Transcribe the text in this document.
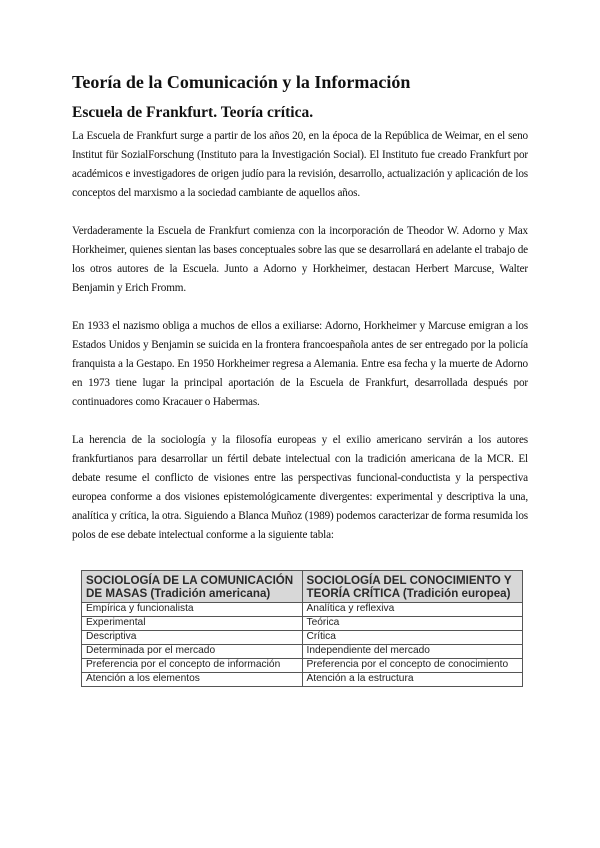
Teoría de la Comunicación y la Información
Escuela de Frankfurt. Teoría crítica.

La Escuela de Frankfurt surge a partir de los años 20, en la época de la República de Weimar, en el seno Institut für SozialForschung (Instituto para la Investigación Social). El Instituto fue creado Frankfurt por académicos e investigadores de origen judío para la revisión, desarrollo, actualización y aplicación de los conceptos del marxismo a la sociedad cambiante de aquellos años.

Verdaderamente la Escuela de Frankfurt comienza con la incorporación de Theodor W. Adorno y Max Horkheimer, quienes sientan las bases conceptuales sobre las que se desarrollará en adelante el trabajo de los otros autores de la Escuela. Junto a Adorno y Horkheimer, destacan Herbert Marcuse, Walter Benjamin y Erich Fromm.

En 1933 el nazismo obliga a muchos de ellos a exiliarse: Adorno, Horkheimer y Marcuse emigran a los Estados Unidos y Benjamin se suicida en la frontera francoespañola antes de ser entregado por la policía franquista a la Gestapo. En 1950 Horkheimer regresa a Alemania. Entre esa fecha y la muerte de Adorno en 1973 tiene lugar la principal aportación de la Escuela de Frankfurt, desarrollada después por continuadores como Kracauer o Habermas.

La herencia de la sociología y la filosofía europeas y el exilio americano servirán a los autores frankfurtianos para desarrollar un fértil debate intelectual con la tradición americana de la MCR. El debate resume el conflicto de visiones entre las perspectivas funcional-conductista y la perspectiva europea conforme a dos visiones epistemológicamente divergentes: experimental y descriptiva la una, analítica y crítica, la otra. Siguiendo a Blanca Muñoz (1989) podemos caracterizar de forma resumida los polos de ese debate intelectual conforme a la siguiente tabla:

SOCIOLOGÍA DE LA COMUNICACIÓN DE MASAS (Tradición americana)	SOCIOLOGÍA DEL CONOCIMIENTO Y TEORÍA CRÍTICA (Tradición europea)
Empírica y funcionalista	Analítica y reflexiva
Experimental	Teórica
Descriptiva	Crítica
Determinada por el mercado	Independiente del mercado
Preferencia por el concepto de información	Preferencia por el concepto de conocimiento
Atención a los elementos	Atención a la estructura
